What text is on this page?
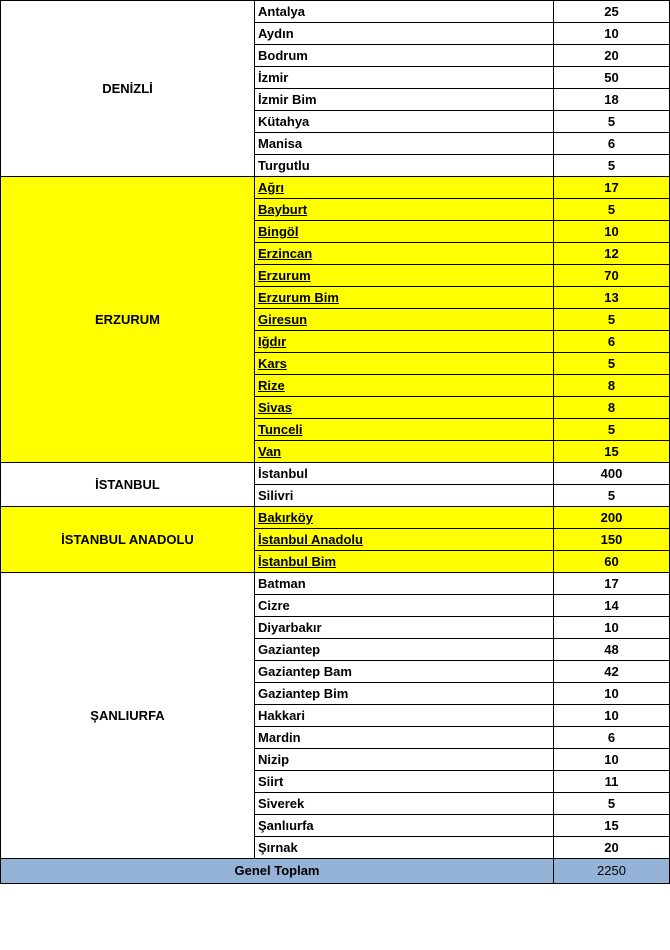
DENİZLİ	Antalya	25
	Aydın	10
	Bodrum	20
	İzmir	50
	İzmir Bim	18
	Kütahya	5
	Manisa	6
	Turgutlu	5
ERZURUM	Ağrı	17
	Bayburt	5
	Bingöl	10
	Erzincan	12
	Erzurum	70
	Erzurum Bim	13
	Giresun	5
	Iğdır	6
	Kars	5
	Rize	8
	Sivas	8
	Tunceli	5
	Van	15
İSTANBUL	İstanbul	400
	Silivri	5
İSTANBUL ANADOLU	Bakırköy	200
	İstanbul Anadolu	150
	İstanbul Bim	60
ŞANLIURFA	Batman	17
	Cizre	14
	Diyarbakır	10
	Gaziantep	48
	Gaziantep Bam	42
	Gaziantep Bim	10
	Hakkari	10
	Mardin	6
	Nizip	10
	Siirt	11
	Siverek	5
	Şanlıurfa	15
	Şırnak	20
Genel Toplam		2250
